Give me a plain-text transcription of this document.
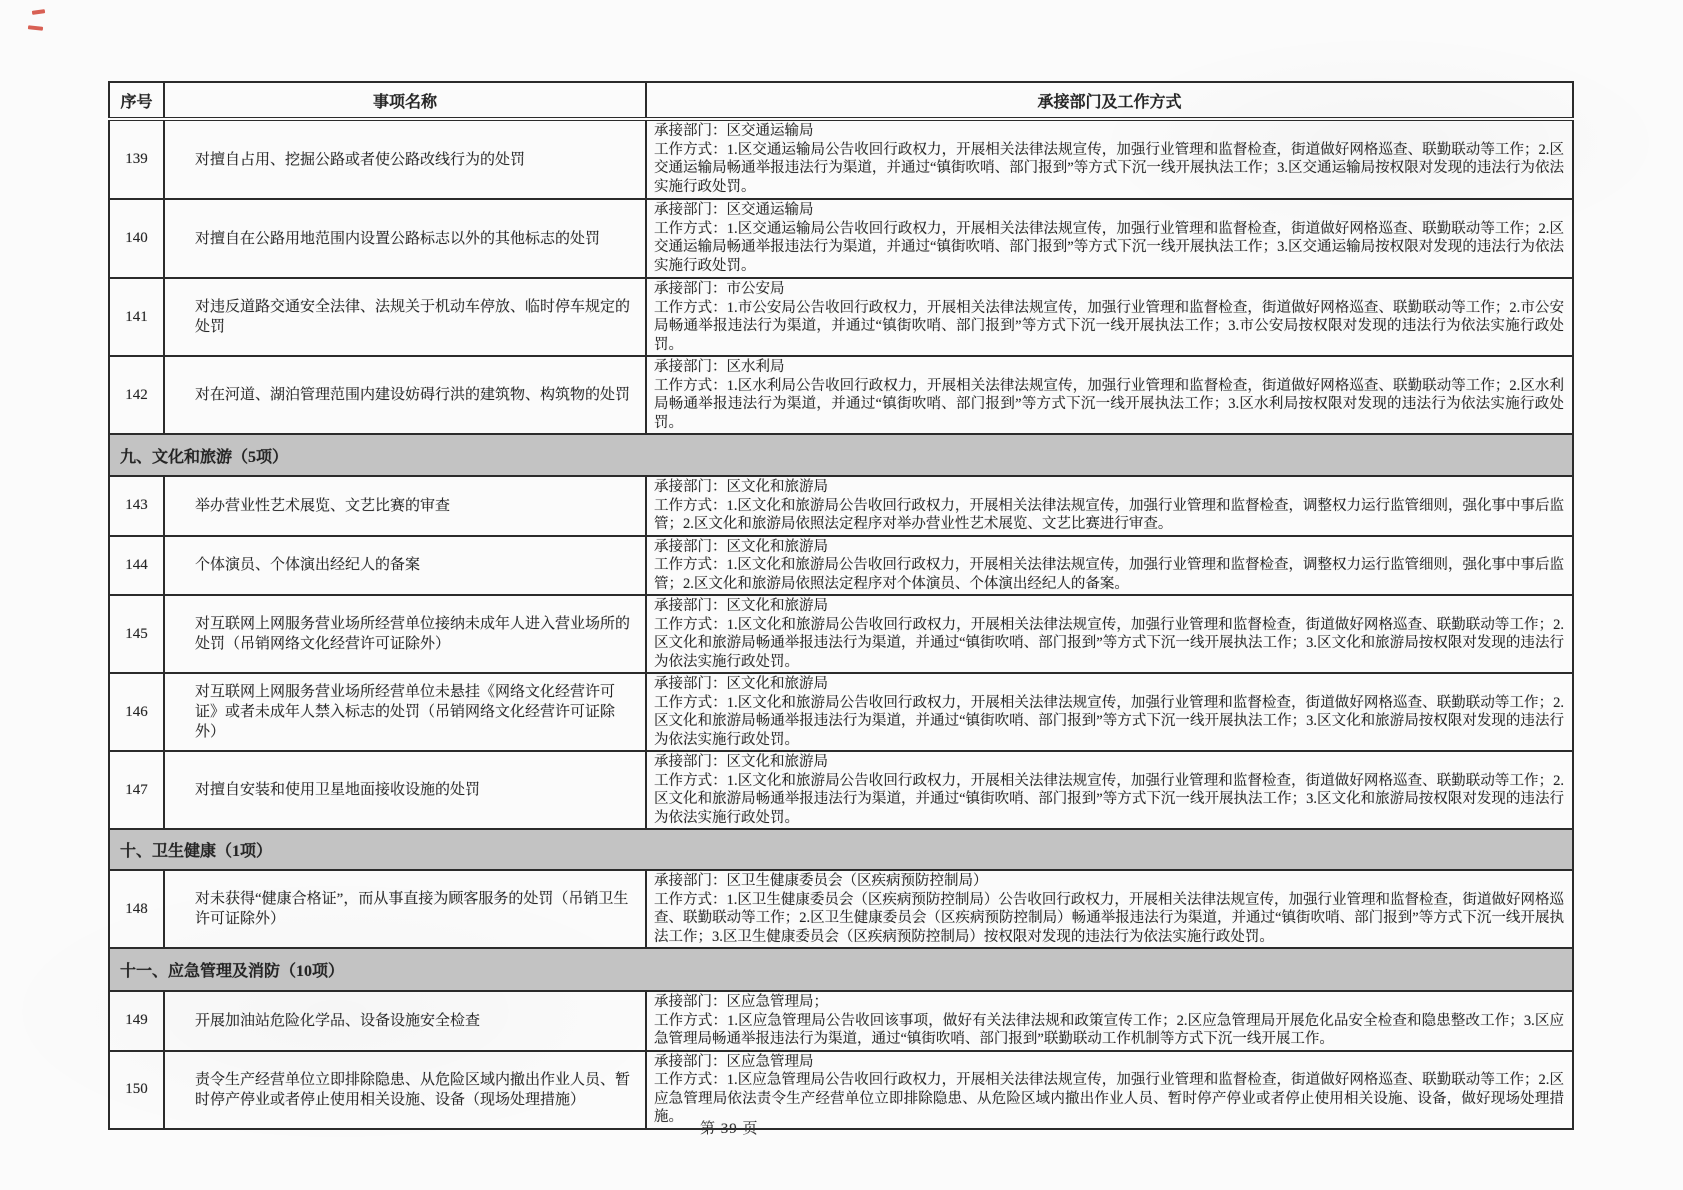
序号	事项名称	承接部门及工作方式
139	对擅自占用、挖掘公路或者使公路改线行为的处罚	承接部门：区交通运输局
工作方式：1.区交通运输局公告收回行政权力，开展相关法律法规宣传，加强行业管理和监督检查，街道做好网格巡查、联勤联动等工作；2.区交通运输局畅通举报违法行为渠道，并通过“镇街吹哨、部门报到”等方式下沉一线开展执法工作；3.区交通运输局按权限对发现的违法行为依法实施行政处罚。

140	对擅自在公路用地范围内设置公路标志以外的其他标志的处罚	承接部门：区交通运输局
工作方式：1.区交通运输局公告收回行政权力，开展相关法律法规宣传，加强行业管理和监督检查，街道做好网格巡查、联勤联动等工作；2.区交通运输局畅通举报违法行为渠道，并通过“镇街吹哨、部门报到”等方式下沉一线开展执法工作；3.区交通运输局按权限对发现的违法行为依法实施行政处罚。

141	对违反道路交通安全法律、法规关于机动车停放、临时停车规定的处罚	承接部门：市公安局
工作方式：1.市公安局公告收回行政权力，开展相关法律法规宣传，加强行业管理和监督检查，街道做好网格巡查、联勤联动等工作；2.市公安局畅通举报违法行为渠道，并通过“镇街吹哨、部门报到”等方式下沉一线开展执法工作；3.市公安局按权限对发现的违法行为依法实施行政处罚。

142	对在河道、湖泊管理范围内建设妨碍行洪的建筑物、构筑物的处罚	承接部门：区水利局
工作方式：1.区水利局公告收回行政权力，开展相关法律法规宣传，加强行业管理和监督检查，街道做好网格巡查、联勤联动等工作；2.区水利局畅通举报违法行为渠道，并通过“镇街吹哨、部门报到”等方式下沉一线开展执法工作；3.区水利局按权限对发现的违法行为依法实施行政处罚。

九、文化和旅游（5项）		
143	举办营业性艺术展览、文艺比赛的审查	承接部门：区文化和旅游局
工作方式：1.区文化和旅游局公告收回行政权力，开展相关法律法规宣传，加强行业管理和监督检查，调整权力运行监管细则，强化事中事后监管；2.区文化和旅游局依照法定程序对举办营业性艺术展览、文艺比赛进行审查。

144	个体演员、个体演出经纪人的备案	承接部门：区文化和旅游局
工作方式：1.区文化和旅游局公告收回行政权力，开展相关法律法规宣传，加强行业管理和监督检查，调整权力运行监管细则，强化事中事后监管；2.区文化和旅游局依照法定程序对个体演员、个体演出经纪人的备案。

145	对互联网上网服务营业场所经营单位接纳未成年人进入营业场所的处罚（吊销网络文化经营许可证除外）	承接部门：区文化和旅游局
工作方式：1.区文化和旅游局公告收回行政权力，开展相关法律法规宣传，加强行业管理和监督检查，街道做好网格巡查、联勤联动等工作；2.区文化和旅游局畅通举报违法行为渠道，并通过“镇街吹哨、部门报到”等方式下沉一线开展执法工作；3.区文化和旅游局按权限对发现的违法行为依法实施行政处罚。

146	对互联网上网服务营业场所经营单位未悬挂《网络文化经营许可证》或者未成年人禁入标志的处罚（吊销网络文化经营许可证除外）	承接部门：区文化和旅游局
工作方式：1.区文化和旅游局公告收回行政权力，开展相关法律法规宣传，加强行业管理和监督检查，街道做好网格巡查、联勤联动等工作；2.区文化和旅游局畅通举报违法行为渠道，并通过“镇街吹哨、部门报到”等方式下沉一线开展执法工作；3.区文化和旅游局按权限对发现的违法行为依法实施行政处罚。

147	对擅自安装和使用卫星地面接收设施的处罚	承接部门：区文化和旅游局
工作方式：1.区文化和旅游局公告收回行政权力，开展相关法律法规宣传，加强行业管理和监督检查，街道做好网格巡查、联勤联动等工作；2.区文化和旅游局畅通举报违法行为渠道，并通过“镇街吹哨、部门报到”等方式下沉一线开展执法工作；3.区文化和旅游局按权限对发现的违法行为依法实施行政处罚。

十、卫生健康（1项）		
148	对未获得“健康合格证”，而从事直接为顾客服务的处罚（吊销卫生许可证除外）	承接部门：区卫生健康委员会（区疾病预防控制局）
工作方式：1.区卫生健康委员会（区疾病预防控制局）公告收回行政权力，开展相关法律法规宣传，加强行业管理和监督检查，街道做好网格巡查、联勤联动等工作；2.区卫生健康委员会（区疾病预防控制局）畅通举报违法行为渠道，并通过“镇街吹哨、部门报到”等方式下沉一线开展执法工作；3.区卫生健康委员会（区疾病预防控制局）按权限对发现的违法行为依法实施行政处罚。

十一、应急管理及消防（10项）		
149	开展加油站危险化学品、设备设施安全检查	承接部门：区应急管理局；
工作方式：1.区应急管理局公告收回该事项，做好有关法律法规和政策宣传工作；2.区应急管理局开展危化品安全检查和隐患整改工作；3.区应急管理局畅通举报违法行为渠道，通过“镇街吹哨、部门报到”联勤联动工作机制等方式下沉一线开展工作。

150	责令生产经营单位立即排除隐患、从危险区域内撤出作业人员、暂时停产停业或者停止使用相关设施、设备（现场处理措施）	承接部门：区应急管理局
工作方式：1.区应急管理局公告收回行政权力，开展相关法律法规宣传，加强行业管理和监督检查，街道做好网格巡查、联勤联动等工作；2.区应急管理局依法责令生产经营单位立即排除隐患、从危险区域内撤出作业人员、暂时停产停业或者停止使用相关设施、设备，做好现场处理措施。
第 39 页
